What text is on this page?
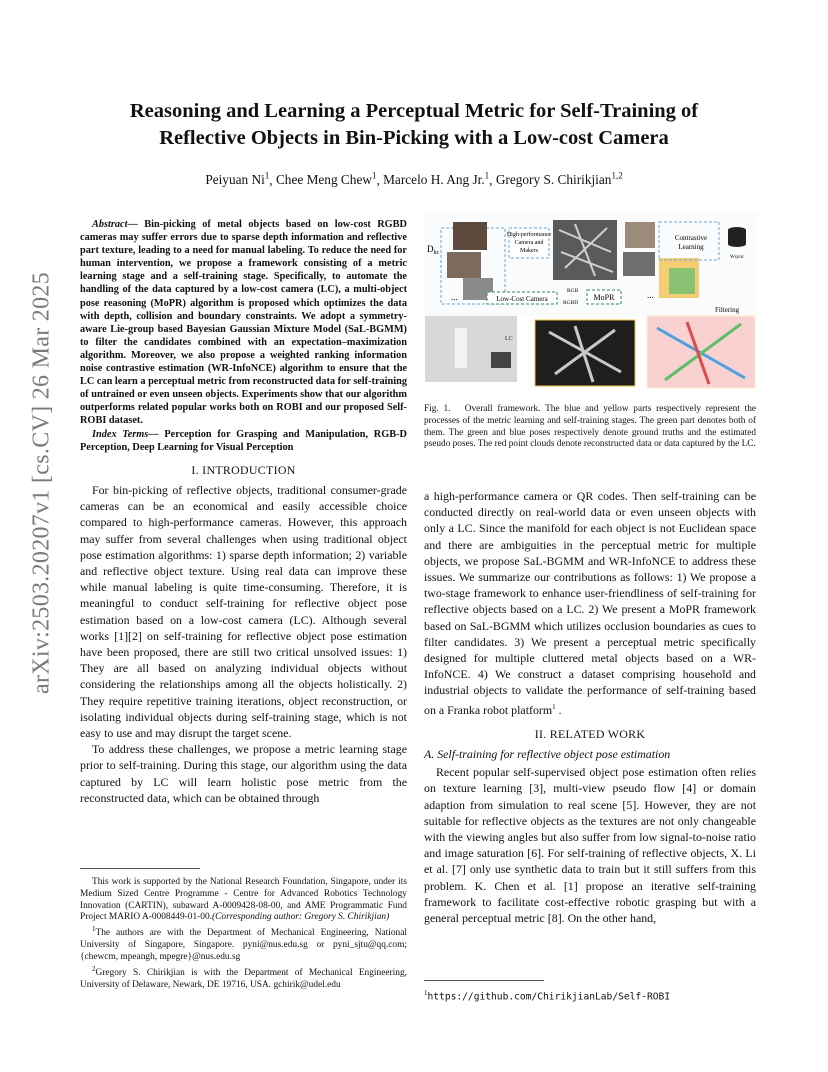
arXiv:2503.20207v1 [cs.CV] 26 Mar 2025
Reasoning and Learning a Perceptual Metric for Self-Training of
Reflective Objects in Bin-Picking with a Low-cost Camera
Peiyuan Ni$^1$, Chee Meng Chew$^1$, Marcelo H. Ang Jr.$^1$, Gregory S. Chirikjian$^{1,2}$

Abstract— Bin-picking of metal objects based on low-cost RGBD cameras may suffer errors due to sparse depth information and reflective part texture, leading to a need for manual labeling. To reduce the need for human intervention, we propose a framework consisting of a metric learning stage and a self-training stage. Specifically, to automate the handling of the data captured by a low-cost camera (LC), a multi-object pose reasoning (MoPR) algorithm is proposed which optimizes the data with depth, collision and boundary constraints. We adopt a symmetry-aware Lie-group based Bayesian Gaussian Mixture Model (SaL-BGMM) to filter the candidates combined with an expectation–maximization algorithm. Moreover, we also propose a weighted ranking information noise contrastive estimation (WR-InfoNCE) algorithm to ensure that the LC can learn a perceptual metric from reconstructed data for self-training of untrained or even unseen objects. Experiments show that our algorithm outperforms related popular works both on ROBI and our proposed Self-ROBI dataset.

Index Terms— Perception for Grasping and Manipulation, RGB-D Perception, Deep Learning for Visual Perception

I. INTRODUCTION

For bin-picking of reflective objects, traditional consumer-grade cameras can be an economical and easily accessible choice compared to high-performance cameras. However, this approach may suffer from several challenges when using traditional object pose estimation algorithms: 1) sparse depth information; 2) variable and reflective object texture. Using real data can improve these while manual labeling is quite time-consuming. Therefore, it is meaningful to conduct self-training for reflective object pose estimation based on a low-cost camera (LC). Although several works [1][2] on self-training for reflective object pose estimation have been proposed, there are still two critical unsolved issues: 1) They are all based on analyzing individual objects without considering the relationships among all the objects holistically. 2) They require repetitive training iterations, object reconstruction, or isolating individual objects during self-training stage, which is not easy to use and may disrupt the target scene.

To address these challenges, we propose a metric learning stage prior to self-training. During this stage, our algorithm using the data captured by LC will learn holistic pose metric from the reconstructed data, which can be obtained through

This work is supported by the National Research Foundation, Singapore, under its Medium Sized Centre Programme - Centre for Advanced Robotics Technology Innovation (CARTIN), subaward A-0009428-08-00, and AME Programmatic Fund Project MARIO A-0008449-01-00.(Corresponding author: Gregory S. Chirikjian)

$^1$The authors are with the Department of Mechanical Engineering, National University of Singapore, Singapore. pyni@nus.edu.sg or pyni_sjtu@qq.com; {chewcm, mpeangh, mpegre}@nus.edu.sg

$^2$Gregory S. Chirikjian is with the Department of Mechanical Engineering, University of Delaware, Newark, DE 19716, USA. gchirik@udel.edu

$D_{hc}$
...
High-performance
Camera and
Makers
Low-Cost Camera
RGB
RGBD
MoPR	...
Contrastive
Learning
Wsync
Filtering
LC
Fig. 1. Overall framework. The blue and yellow parts respectively represent the processes of the metric learning and self-training stages. The green part denotes both of them. The green and blue poses respectively denote ground truths and the estimated pseudo poses. The red point clouds denote reconstructed data or data captured by the LC.

a high-performance camera or QR codes. Then self-training can be conducted directly on real-world data or even unseen objects with only a LC. Since the manifold for each object is not Euclidean space and there are ambiguities in the perceptual metric for multiple objects, we propose SaL-BGMM and WR-InfoNCE to address these issues. We summarize our contributions as follows: 1) We propose a two-stage framework to enhance user-friendliness of self-training for reflective objects based on a LC. 2) We present a MoPR framework based on SaL-BGMM which utilizes occlusion boundaries as cues to filter candidates. 3) We present a perceptual metric specifically designed for multiple cluttered metal objects based on a WR-InfoNCE. 4) We construct a dataset comprising household and industrial objects to validate the performance of self-training based on a Franka robot platform$^1$ .

II. RELATED WORK
A. Self-training for reflective object pose estimation

Recent popular self-supervised object pose estimation often relies on texture learning [3], multi-view pseudo flow [4] or domain adaption from simulation to real scene [5]. However, they are not suitable for reflective objects as the textures are not only changeable with the viewing angles but also suffer from low signal-to-noise ratio and image saturation [6]. For self-training of reflective objects, X. Li et al. [7] only use synthetic data to train but it still suffers from this problem. K. Chen et al. [1] propose an iterative self-training framework to facilitate cost-effective robotic grasping but with a general perceptual metric [8]. On the other hand,

$^1$https://github.com/ChirikjianLab/Self-ROBI
